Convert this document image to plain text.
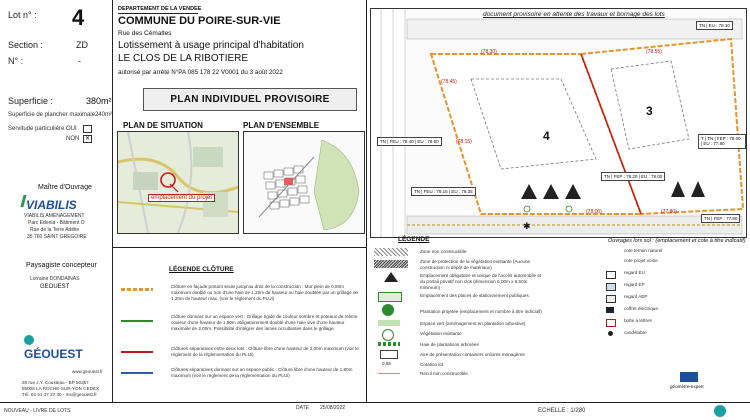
Lot n° : 4
Section :	ZD
N° :	-
Superficie :	380m²
Superficie de plancher maximale :
240m²
Servitude particulière :
OUI
NON ✕
Maître d'Ouvrage
VIABILIS
VIABILIS AMENAGEMENT
Parc Edonia - Bâtiment O
Rue de la Terre Adélie
35 760 SAINT GREGOIRE
Paysagiste concepteur
Lorraine DONDAINAS
GEOUEST
GÉOUEST
www.geouest.fr
26 rue J.Y. Cousteau - BP 50357
85008 LA ROCHE-SUR-YON CEDEX
Tél. 02 51 37 27 30 - ms@geouest.fr
DEPARTEMENT DE LA VENDEE
COMMUNE DU POIRE-SUR-VIE
Rue des Cémaltes
Lotissement à usage principal d'habitation
LE CLOS DE LA RIBOTIERE
autorisé par arrêté N°PA 085 178 22 V0001 du 3 août 2022
PLAN INDIVIDUEL PROVISOIRE
PLAN DE SITUATION	PLAN D'ENSEMBLE
emplacement du projet
LÉGENDE CLÔTURE
Clôture en façade portant seule jusqu'au droit de la construction : Mur plein de 0,80m maximum doublé ou non d'une haie de 1,20m de hauteur ou haie doublée par un grillage de 1,20m de hauteur max. (voir le règlement du PLUi)
Clôture donnant sur un espace vert : Grillage rigide de couleur sombre et poteaux de même couleur d'une hauteur de 1,80m obligatoirement doublé d'une haie vive d'une hauteur maximale de 2,00m. Possibilité d'intégrer des lames occultantes dans le grillage.
Clôtures séparatives entre deux lots : Clôture libre d'une hauteur de 2,00m maximum (voir le règlement de la réglementation du PLUi)
Clôtures séparatives donnant sur un espace public : Clôture libre d'une hauteur de 1,80m maximum (voir le règlement de la réglementation du PLUi)
document provisoire en attente des travaux et bornage des lots
✱
4
3
TN | EU : 78.10
T | TN | FEP : 78.00 | EU : 77.80
TN | FEU : 78.40 | EU : 78.60
TN | FEP : 78.20 | EU : 78.00
TN | FEU : 78.15 | EU : 78.35
TN | FEP : 77.80
(78.55)
(78.30)
(78.15)
(78.00)	(77.80)
(78.45)
LÉGENDE	Ouvrages lors sol : (emplacement et cote à titre indicatif)
Zone non constructible
Zone de protection de la végétation existante (Aucune construction ni dépôt de matériaux)
Emplacement obligatoire et unique de l'accès automobile et du portail privatif non clos (dimension 6,00m x 5,50m minimum)
Emplacement des places de stationnement publiques
Plantation projetée (emplacement et nombre à titre indicatif)
Espace vert (aménagement en plantation arbustive)
Végétation existante
Haie de plantations arborées
Aire de présentation containers ordures ménagères
0,95	Cotation lot
Recul non constructible
cote terrain naturel
cote projet voirie
regard EU
regard EP
regard AEP
coffret électrique
boîte à lettres
candélabre
géomètre-expert
NOUVEAU - LIVRE DE LOTS	DATE 25/08/2022	ECHELLE : 1/280
